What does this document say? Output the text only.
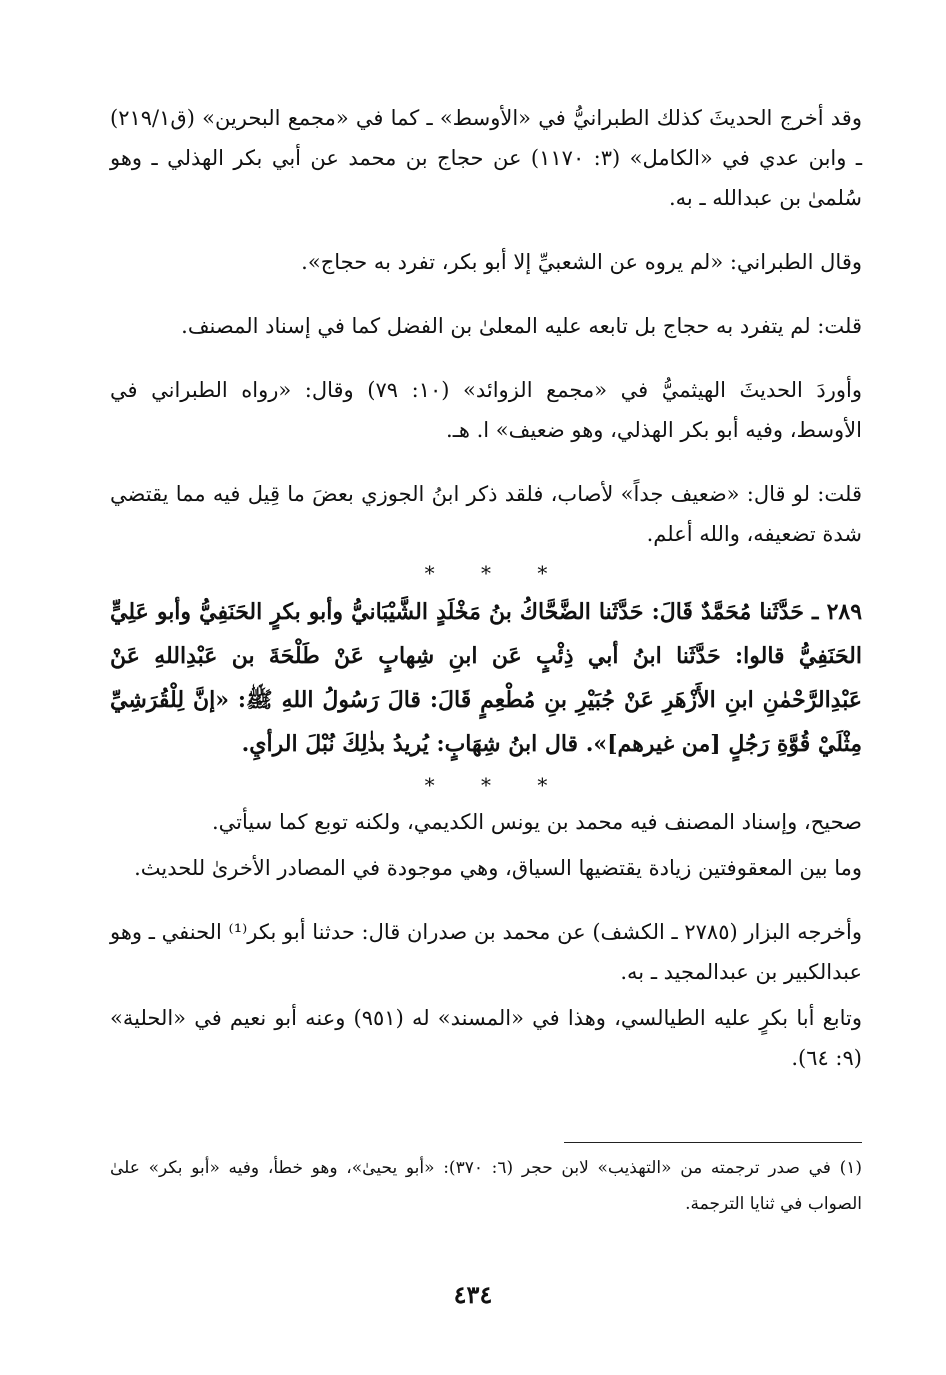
وقد أخرج الحديثَ كذلك الطبرانيُّ في «الأوسط» ـ كما في «مجمع البحرين» (ق٢١٩/١) ـ وابن عدي في «الكامل» (٣: ١١٧٠) عن حجاج بن محمد عن أبي بكر الهذلي ـ وهو سُلمىٰ بن عبدالله ـ به.

وقال الطبراني: «لم يروه عن الشعبيِّ إلا أبو بكر، تفرد به حجاج».

قلت: لم يتفرد به حجاج بل تابعه عليه المعلىٰ بن الفضل كما في إسناد المصنف.

وأوردَ الحديثَ الهيثميُّ في «مجمع الزوائد» (١٠: ٧٩) وقال: «رواه الطبراني في الأوسط، وفيه أبو بكر الهذلي، وهو ضعيف» ا. هـ.

قلت: لو قال: «ضعيف جداً» لأصاب، فلقد ذكر ابنُ الجوزي بعضَ ما قِيل فيه مما يقتضي شدة تضعيفه، والله أعلم.

* * *

٢٨٩ ـ حَدَّثَنا مُحَمَّدٌ قَالَ: حَدَّثَنا الضَّحَّاكُ بنُ مَخْلَدٍ الشَّيْبَانيُّ وأبو بكرٍ الحَنَفِيُّ وأبو عَلِيٍّ الحَنَفِيُّ قالوا: حَدَّثَنا ابنُ أبي ذِئْبٍ عَن ابنِ شِهابٍ عَنْ طَلْحَةَ بن عَبْدِاللهِ عَنْ عَبْدِالرَّحْمٰنِ ابنِ الأَزْهَرِ عَنْ جُبَيْرِ بنِ مُطْعِمٍ قَالَ: قالَ رَسُولُ اللهِ ﷺ: «إنَّ لِلْقُرَشِيِّ مِثْلَيْ قُوَّةِ رَجُلٍ [من غيرهم]». قال ابنُ شِهَابٍ: يُريدُ بذٰلِكَ نُبْلَ الرأيِ.

* * *

صحيح، وإسناد المصنف فيه محمد بن يونس الكديمي، ولكنه توبع كما سيأتي.

وما بين المعقوفتين زيادة يقتضيها السياق، وهي موجودة في المصادر الأخرىٰ للحديث.

وأخرجه البزار (٢٧٨٥ ـ الكشف) عن محمد بن صدران قال: حدثنا أبو بكر⁽¹⁾ الحنفي ـ وهو عبدالكبير بن عبدالمجيد ـ به.

وتابع أبا بكرٍ عليه الطيالسي، وهذا في «المسند» له (٩٥١) وعنه أبو نعيم في «الحلية» (٩: ٦٤).

(١) في صدر ترجمته من «التهذيب» لابن حجر (٦: ٣٧٠): «أبو يحيىٰ»، وهو خطأ، وفيه «أبو بكر» علىٰ الصواب في ثنايا الترجمة.
٤٣٤
